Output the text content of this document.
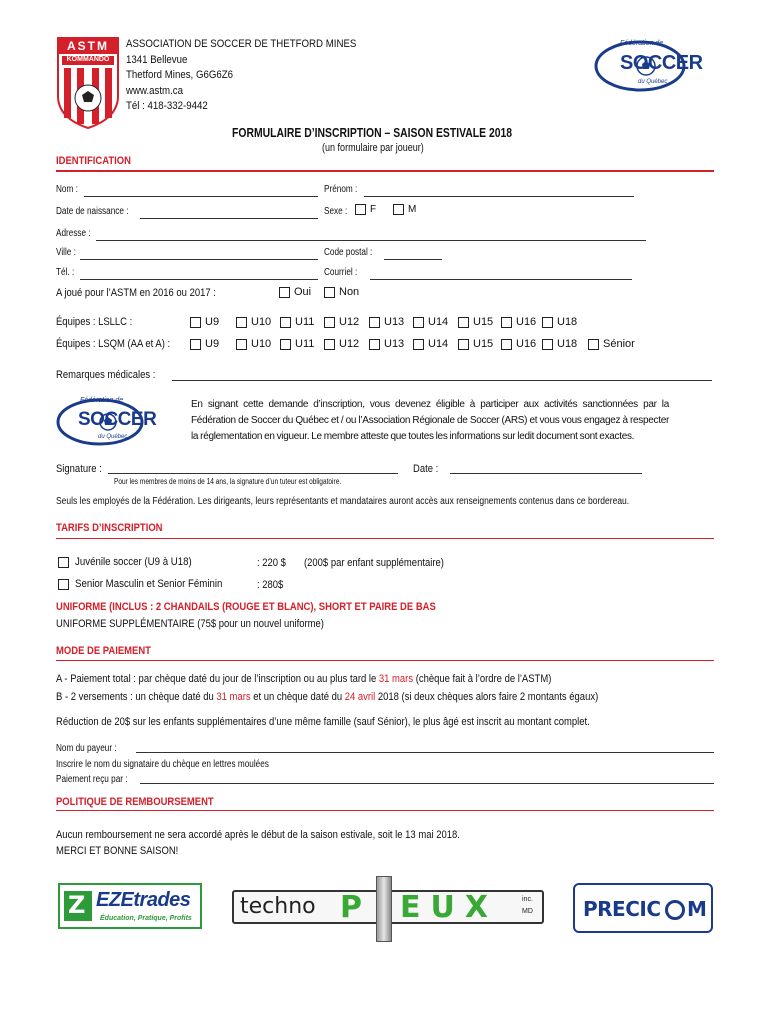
ASTM
KOMMANDO
ASSOCIATION DE SOCCER DE THETFORD MINES
1341 Bellevue
Thetford Mines, G6G6Z6
www.astm.ca
Tél : 418-332-9442
Fédération de
SOCCER
du Québec
FORMULAIRE D’INSCRIPTION – SAISON ESTIVALE 2018
(un formulaire par joueur)
IDENTIFICATION
Nom :	Prénom :
Date de naissance :	Sexe :	F	M
Adresse :
Ville :	Code postal :
Tél. :	Courriel :
A joué pour l’ASTM en 2016 ou 2017 :	Oui	Non
Équipes : LSLLC :	U9	U10	U11	U12	U13	U14	U15	U16	U18
Équipes : LSQM (AA et A) :	U9	U10	U11	U12	U13	U14	U15	U16	U18	Sénior
Remarques médicales :
Fédération de
SOCCER
du Québec
En signant cette demande d’inscription, vous devenez éligible à participer aux activités sanctionnées par la Fédération de Soccer du Québec et / ou l’Association Régionale de Soccer (ARS) et vous vous engagez à respecter la réglementation en vigueur. Le membre atteste que toutes les informations sur ledit document sont exactes.
Signature :
Pour les membres de moins de 14 ans, la signature d’un tuteur est obligatoire.
Date :
Seuls les employés de la Fédération. Les dirigeants, leurs représentants et mandataires auront accès aux renseignements contenus dans ce bordereau.
TARIFS D’INSCRIPTION
Juvénile soccer (U9 à U18)	: 220 $ (200$ par enfant supplémentaire)
Senior Masculin et Senior Féminin	: 280$
UNIFORME (INCLUS : 2 CHANDAILS (ROUGE ET BLANC), SHORT ET PAIRE DE BAS
UNIFORME SUPPLÉMENTAIRE (75$ pour un nouvel uniforme)
MODE DE PAIEMENT
A - Paiement total : par chèque daté du jour de l’inscription ou au plus tard le 31 mars (chèque fait à l’ordre de l’ASTM)
B - 2 versements : un chèque daté du 31 mars et un chèque daté du 24 avril 2018 (si deux chèques alors faire 2 montants égaux)
Réduction de 20$ sur les enfants supplémentaires d’une même famille (sauf Sénior), le plus âgé est inscrit au montant complet.
Nom du payeur :
Inscrire le nom du signataire du chèque en lettres moulées
Paiement reçu par :
POLITIQUE DE REMBOURSEMENT
Aucun remboursement ne sera accordé après le début de la saison estivale, soit le 13 mai 2018.
MERCI ET BONNE SAISON!
Z EZEtrades
Éducation, Pratique, Profits techno P EUX	inc.
MD	PRECIC M
